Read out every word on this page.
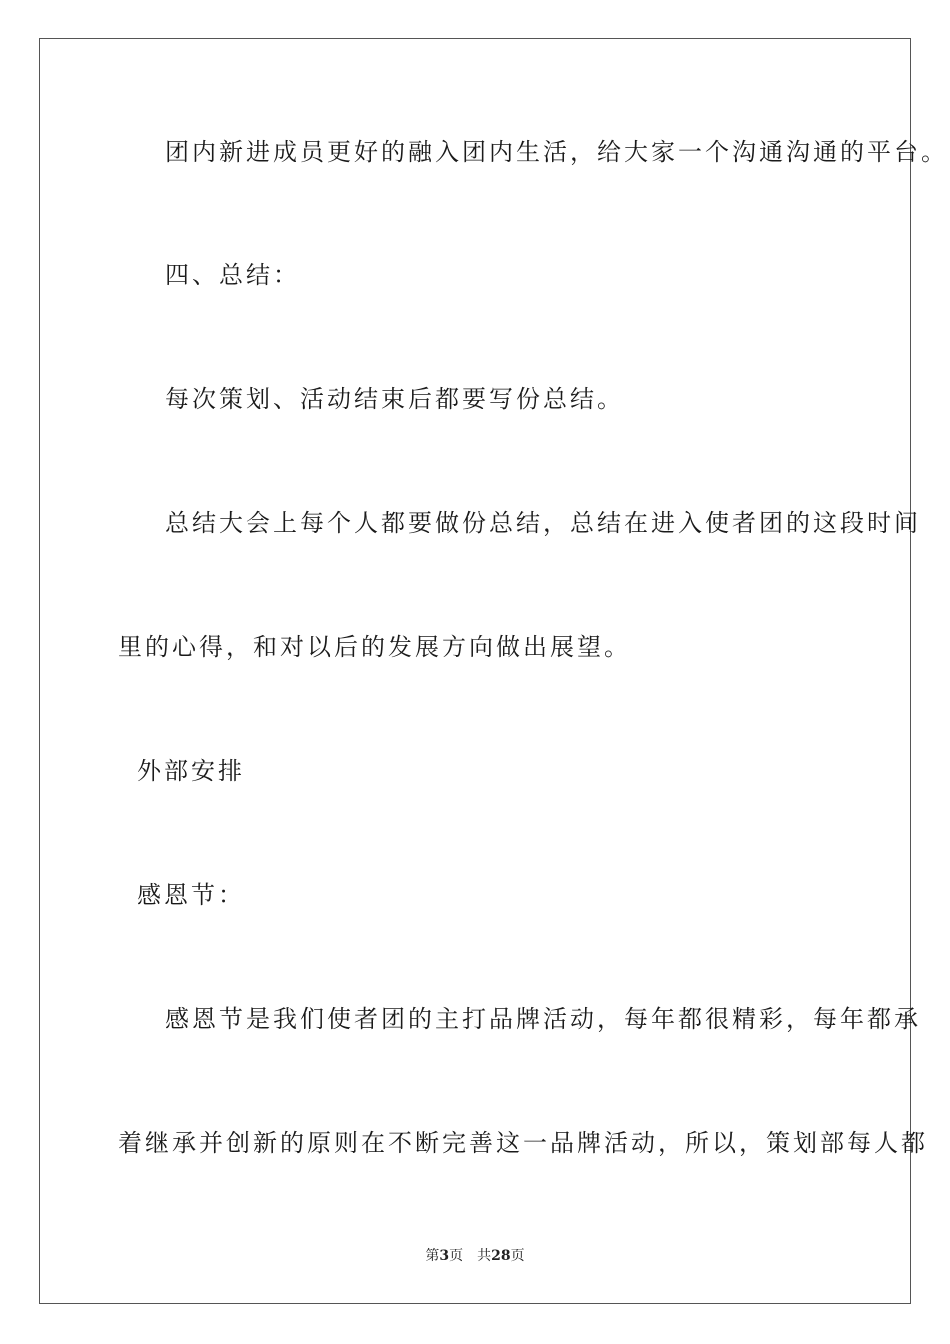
团内新进成员更好的融入团内生活，给大家一个沟通沟通的平台。
四、总结：
每次策划、活动结束后都要写份总结。
总结大会上每个人都要做份总结，总结在进入使者团的这段时间
里的心得，和对以后的发展方向做出展望。
外部安排
感恩节：
感恩节是我们使者团的主打品牌活动，每年都很精彩，每年都承
着继承并创新的原则在不断完善这一品牌活动，所以，策划部每人都
第3页 共28页
